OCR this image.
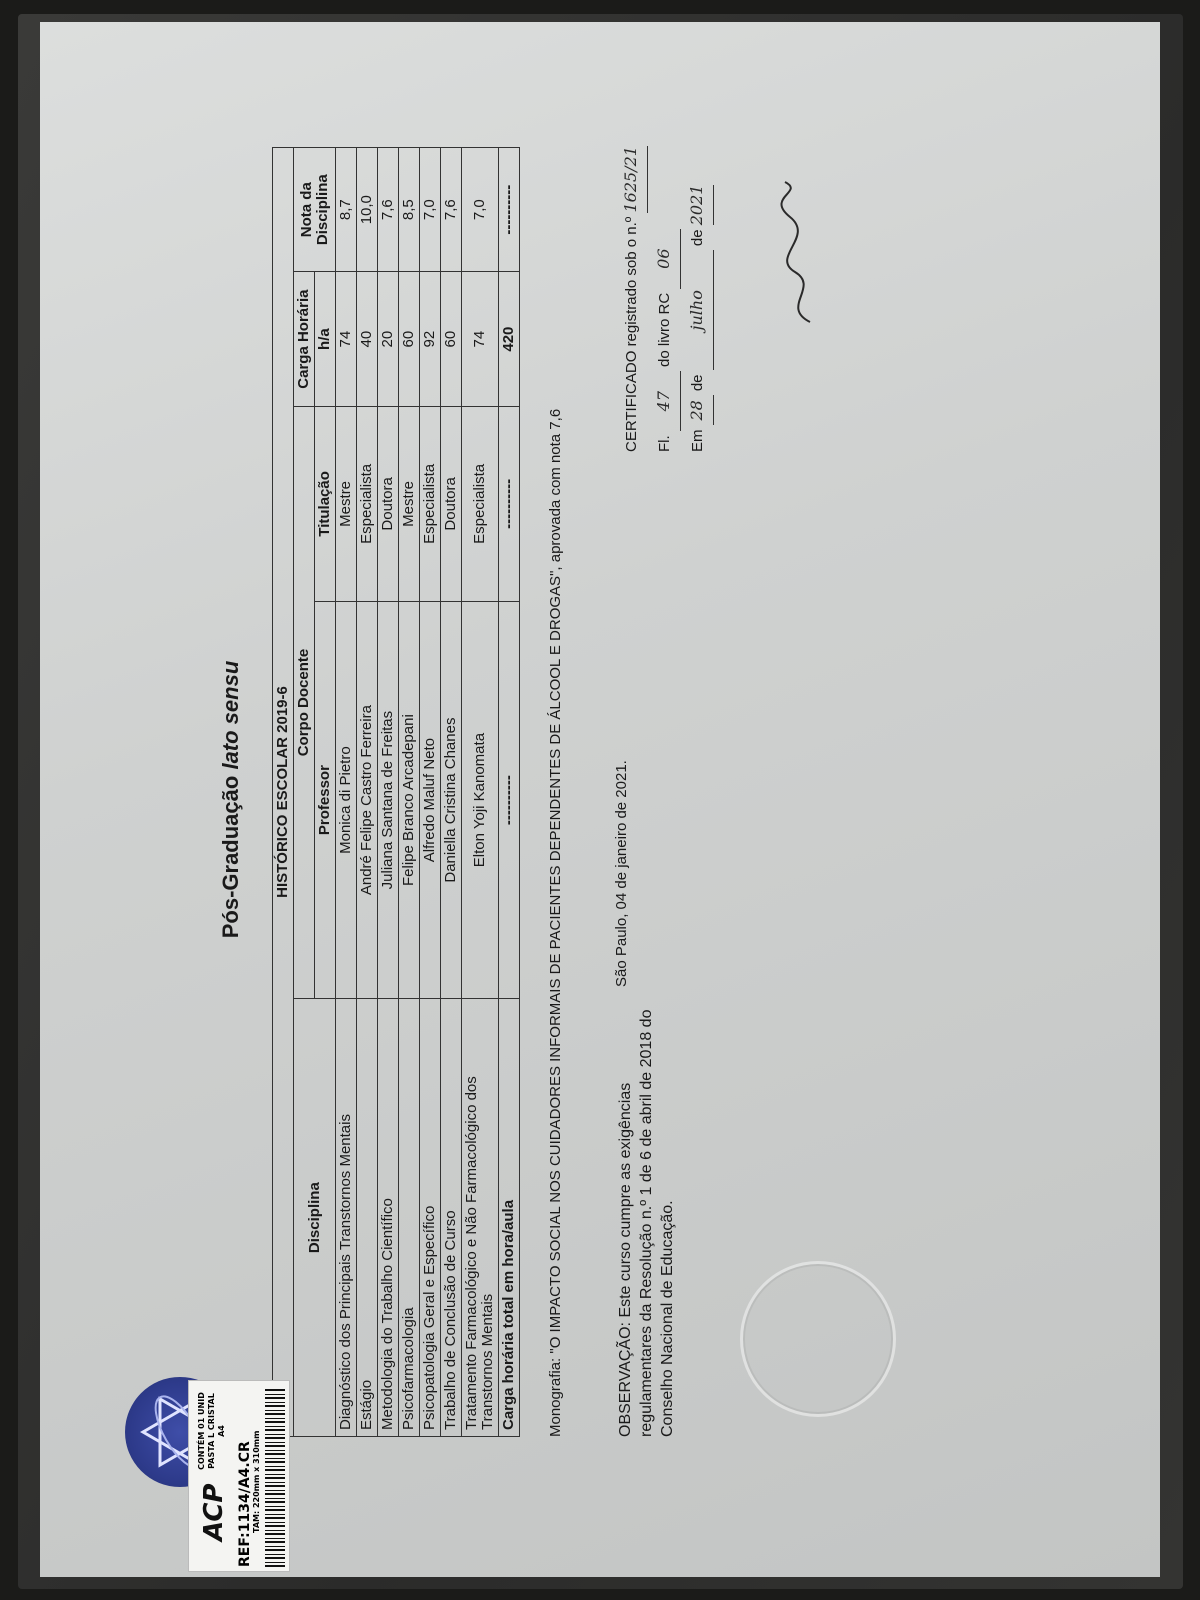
Pós-Graduação lato sensu HISTÓRICO ESCOLAR 2019-6				
Disciplina	Corpo Docente		Carga Horária	Nota da Disciplina
	Professor	Titulação	h/a	
Diagnóstico dos Principais Transtornos Mentais	Monica di Pietro	Mestre	74	8,7
Estágio	André Felipe Castro Ferreira	Especialista	40	10,0
Metodologia do Trabalho Científico	Juliana Santana de Freitas	Doutora	20	7,6
Psicofarmacologia	Felipe Branco Arcadepani	Mestre	60	8,5
Psicopatologia Geral e Específico	Alfredo Maluf Neto	Especialista	92	7,0
Trabalho de Conclusão de Curso	Daniella Cristina Chanes	Doutora	60	7,6
Tratamento Farmacológico e Não Farmacológico dos Transtornos Mentais	Elton Yoji Kanomata	Especialista	74	7,0
Carga horária total em hora/aula	----------	----------	420	----------
Monografia: "O IMPACTO SOCIAL NOS CUIDADORES INFORMAIS DE PACIENTES DEPENDENTES DE ÁLCOOL E DROGAS", aprovada com nota 7,6	OBSERVAÇÃO: Este curso cumpre as exigências regulamentares da Resolução n.º 1 de 6 de abril de 2018 do Conselho Nacional de Educação.
São Paulo, 04 de janeiro de 2021.
CERTIFICADO registrado sob o n.º 1625/21
Fl. 47 do livro RC 06
Em 28 de julho de 2021
ACP
CONTÉM 01 UNID PASTA L CRISTAL A4
REF:1134/A4.CR TAM: 220mm x 310mm
